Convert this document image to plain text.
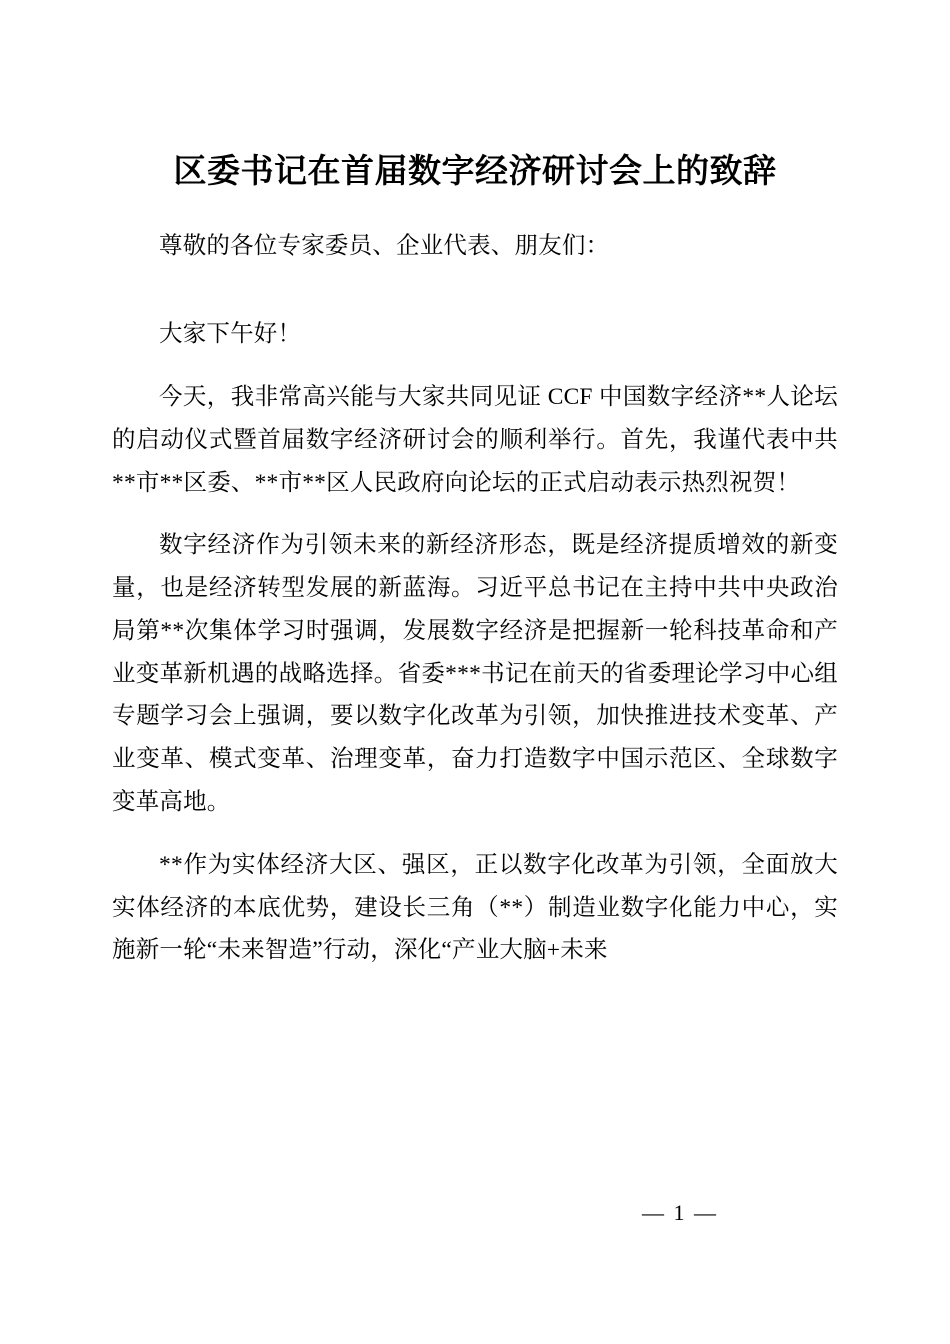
区委书记在首届数字经济研讨会上的致辞

尊敬的各位专家委员、企业代表、朋友们：

大家下午好！

今天，我非常高兴能与大家共同见证 CCF 中国数字经济**人论坛的启动仪式暨首届数字经济研讨会的顺利举行。首先，我谨代表中共**市**区委、**市**区人民政府向论坛的正式启动表示热烈祝贺！

数字经济作为引领未来的新经济形态，既是经济提质增效的新变量，也是经济转型发展的新蓝海。习近平总书记在主持中共中央政治局第**次集体学习时强调，发展数字经济是把握新一轮科技革命和产业变革新机遇的战略选择。省委***书记在前天的省委理论学习中心组专题学习会上强调，要以数字化改革为引领，加快推进技术变革、产业变革、模式变革、治理变革，奋力打造数字中国示范区、全球数字变革高地。

**作为实体经济大区、强区，正以数字化改革为引领，全面放大实体经济的本底优势，建设长三角（**）制造业数字化能力中心，实施新一轮“未来智造”行动，深化“产业大脑+未来

— 1 —
